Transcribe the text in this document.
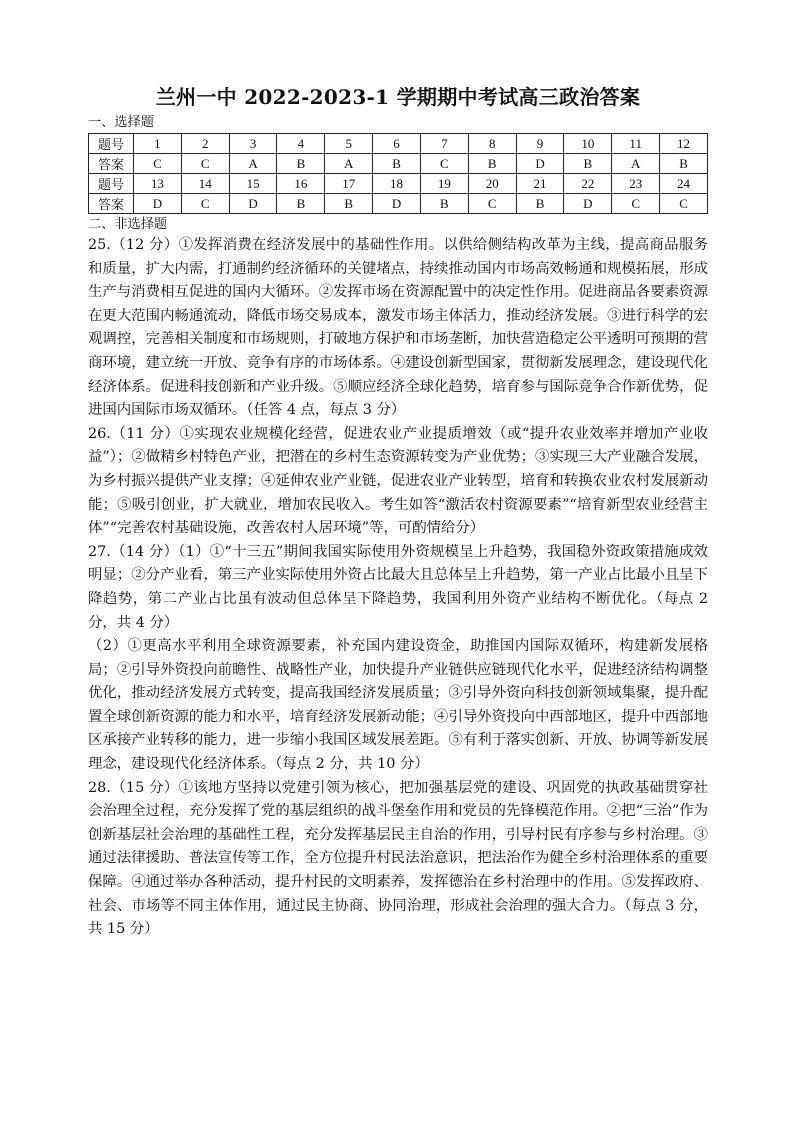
兰州一中 2022-2023-1 学期期中考试高三政治答案
一、选择题
题号	1	2	3	4	5	6	7	8	9	10	11	12
答案	C	C	A	B	A	B	C	B	D	B	A	B
题号	13	14	15	16	17	18	19	20	21	22	23	24
答案	D	C	D	B	B	D	B	C	B	D	C	C
二、非选择题

25.（12 分）①发挥消费在经济发展中的基础性作用。以供给侧结构改革为主线，提高商品服务和质量，扩大内需，打通制约经济循环的关键堵点，持续推动国内市场高效畅通和规模拓展，形成生产与消费相互促进的国内大循环。②发挥市场在资源配置中的决定性作用。促进商品各要素资源在更大范围内畅通流动，降低市场交易成本，激发市场主体活力，推动经济发展。③进行科学的宏观调控，完善相关制度和市场规则，打破地方保护和市场垄断，加快营造稳定公平透明可预期的营商环境，建立统一开放、竞争有序的市场体系。④建设创新型国家，贯彻新发展理念，建设现代化经济体系。促进科技创新和产业升级。⑤顺应经济全球化趋势，培育参与国际竞争合作新优势，促进国内国际市场双循环。（任答 4 点，每点 3 分）

26.（11 分）①实现农业规模化经营，促进农业产业提质增效（或“提升农业效率并增加产业收益”）；②做精乡村特色产业，把潜在的乡村生态资源转变为产业优势；③实现三大产业融合发展，为乡村振兴提供产业支撑；④延伸农业产业链，促进农业产业转型，培育和转换农业农村发展新动能；⑤吸引创业，扩大就业，增加农民收入。考生如答“激活农村资源要素”“培育新型农业经营主体”“完善农村基础设施，改善农村人居环境”等，可酌情给分）

27.（14 分）（1）①“十三五”期间我国实际使用外资规模呈上升趋势，我国稳外资政策措施成效明显；②分产业看，第三产业实际使用外资占比最大且总体呈上升趋势，第一产业占比最小且呈下降趋势，第二产业占比虽有波动但总体呈下降趋势，我国利用外资产业结构不断优化。（每点 2 分，共 4 分）

（2）①更高水平利用全球资源要素，补充国内建设资金，助推国内国际双循环，构建新发展格局；②引导外资投向前瞻性、战略性产业，加快提升产业链供应链现代化水平，促进经济结构调整优化，推动经济发展方式转变，提高我国经济发展质量；③引导外资向科技创新领域集聚，提升配置全球创新资源的能力和水平，培育经济发展新动能；④引导外资投向中西部地区，提升中西部地区承接产业转移的能力，进一步缩小我国区域发展差距。⑤有利于落实创新、开放、协调等新发展理念，建设现代化经济体系。（每点 2 分，共 10 分）

28.（15 分）①该地方坚持以党建引领为核心，把加强基层党的建设、巩固党的执政基础贯穿社会治理全过程，充分发挥了党的基层组织的战斗堡垒作用和党员的先锋模范作用。②把“三治”作为创新基层社会治理的基础性工程，充分发挥基层民主自治的作用，引导村民有序参与乡村治理。③通过法律援助、普法宣传等工作，全方位提升村民法治意识，把法治作为健全乡村治理体系的重要保障。④通过举办各种活动，提升村民的文明素养，发挥德治在乡村治理中的作用。⑤发挥政府、社会、市场等不同主体作用，通过民主协商、协同治理，形成社会治理的强大合力。（每点 3 分，共 15 分）
